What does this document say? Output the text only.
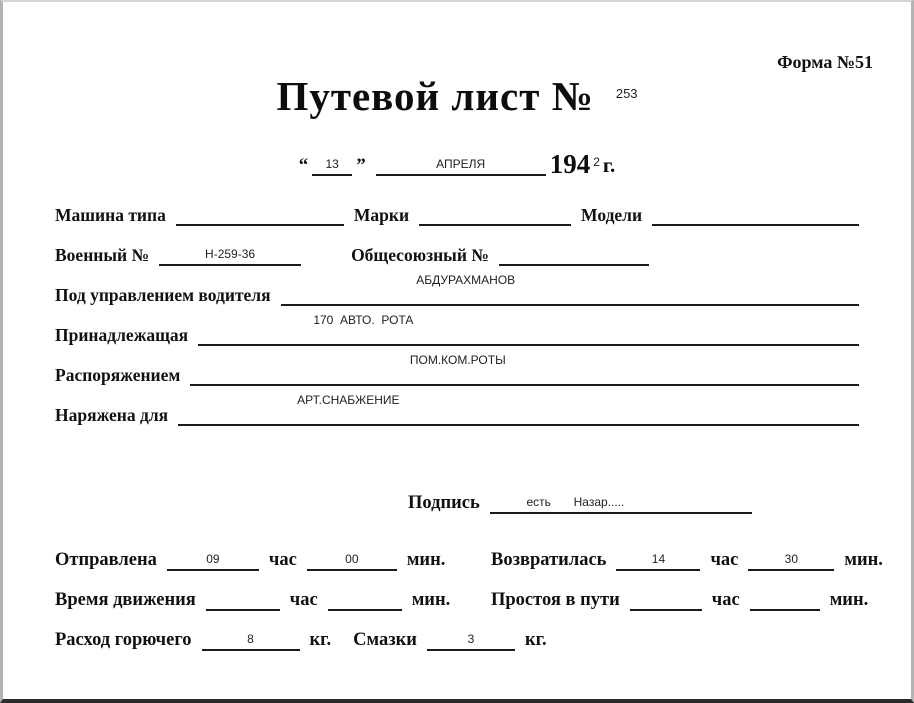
Форма №51
Путевой лист № 253
“ 13 ”	АПРЕЛЯ 194 2 г.
Машина типа	Марки	Модели
Военный №	Н-259-36	Общесоюзный №
Под управлением водителя
АБДУРАХМАНОВ
Принадлежащая
170  АВТО.  РОТА
Распоряжением
ПОМ.КОМ.РОТЫ
Наряжена для
АРТ.СНАБЖЕНИЕ
Подпись	есть Назар.....
Отправлена	09	час	00	мин. Возвратилась	14 час	30	мин.
Время движения	час	мин. Простоя в пути	час	мин.
Расход горючего	8	кг. Смазки	3	кг.
